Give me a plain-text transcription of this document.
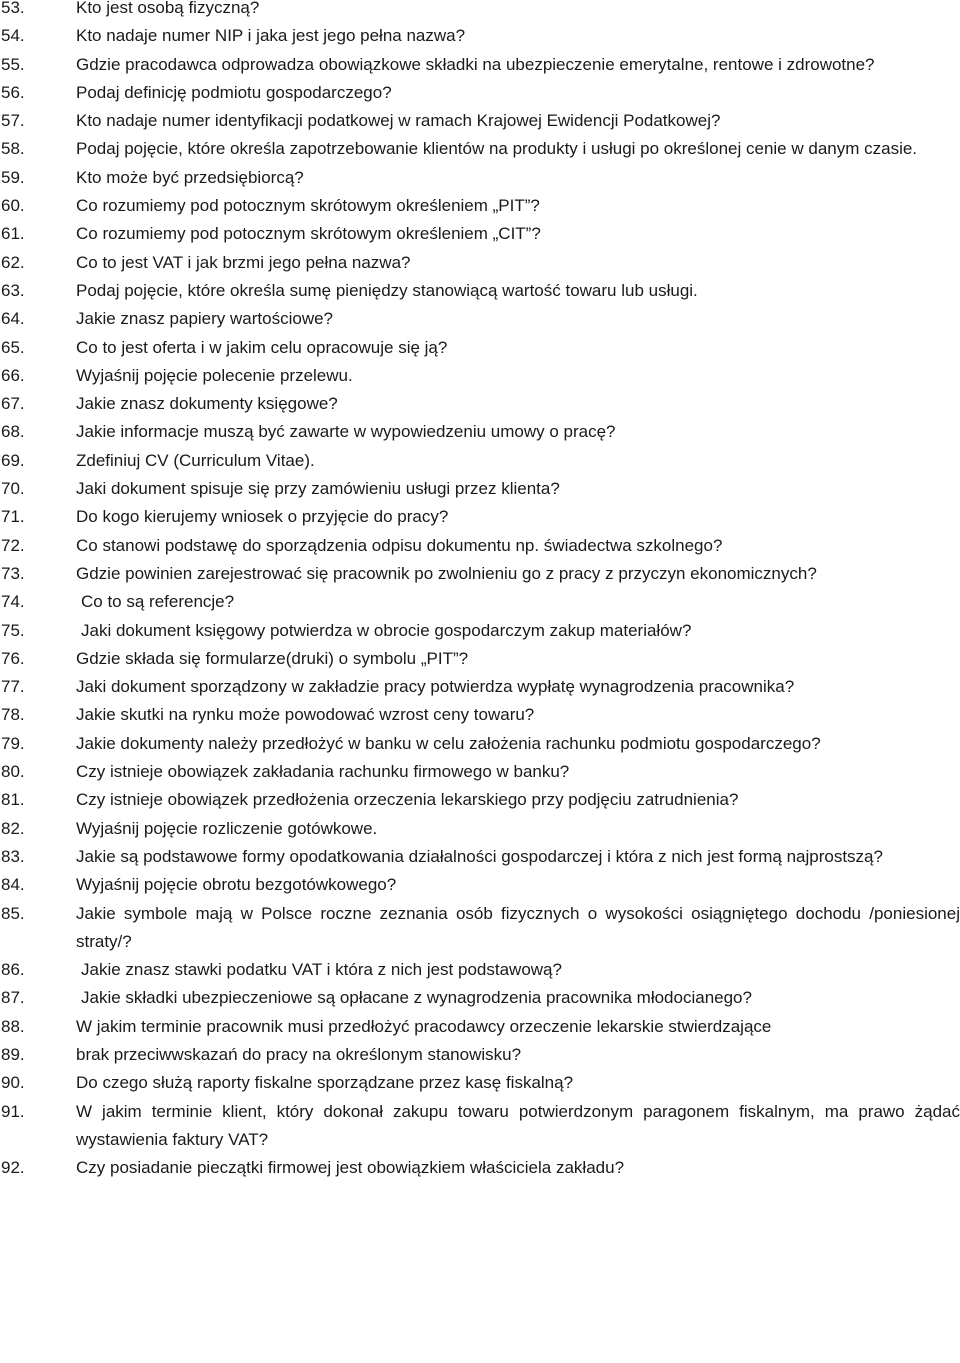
53.	Kto jest osobą fizyczną?
54.	Kto nadaje numer NIP i jaka jest jego pełna nazwa?
55.	Gdzie pracodawca odprowadza obowiązkowe składki na ubezpieczenie emerytalne, rentowe i zdrowotne?
56.	Podaj definicję podmiotu gospodarczego?
57.	Kto nadaje numer identyfikacji podatkowej w ramach Krajowej Ewidencji Podatkowej?
58.	Podaj pojęcie, które określa zapotrzebowanie klientów na produkty i usługi po określonej cenie w danym czasie.
59.	Kto może być przedsiębiorcą?
60.	Co rozumiemy pod potocznym skrótowym określeniem „PIT”?
61.	Co rozumiemy pod potocznym skrótowym określeniem „CIT”?
62.	Co to jest VAT i jak brzmi jego pełna nazwa?
63.	Podaj pojęcie, które określa sumę pieniędzy stanowiącą wartość towaru lub usługi.
64.	Jakie znasz papiery wartościowe?
65.	Co to jest oferta i w jakim celu opracowuje się ją?
66.	Wyjaśnij pojęcie polecenie przelewu.
67.	Jakie znasz dokumenty księgowe?
68.	Jakie informacje muszą być zawarte w wypowiedzeniu umowy o pracę?
69.	Zdefiniuj CV (Curriculum Vitae).
70.	Jaki dokument spisuje się przy zamówieniu usługi przez klienta?
71.	Do kogo kierujemy wniosek o przyjęcie do pracy?
72.	Co stanowi podstawę do sporządzenia odpisu dokumentu np. świadectwa szkolnego?
73.	Gdzie powinien zarejestrować się pracownik po zwolnieniu go z pracy z przyczyn ekonomicznych?
74.	Co to są referencje?
75.	Jaki dokument księgowy potwierdza w obrocie gospodarczym zakup materiałów?
76.	Gdzie składa się formularze(druki) o symbolu „PIT”?
77.	Jaki dokument sporządzony w zakładzie pracy potwierdza wypłatę wynagrodzenia pracownika?
78.	Jakie skutki na rynku może powodować wzrost ceny towaru?
79.	Jakie dokumenty należy przedłożyć w banku w celu założenia rachunku podmiotu gospodarczego?
80.	Czy istnieje obowiązek zakładania rachunku firmowego w banku?
81.	Czy istnieje obowiązek przedłożenia orzeczenia lekarskiego przy podjęciu zatrudnienia?
82.	Wyjaśnij pojęcie rozliczenie gotówkowe.
83.	Jakie są podstawowe formy opodatkowania działalności gospodarczej i która z nich jest formą najprostszą?
84.	Wyjaśnij pojęcie obrotu bezgotówkowego?
85.	Jakie symbole mają w Polsce roczne zeznania osób fizycznych o wysokości osiągniętego dochodu /poniesionej straty/?
86.	Jakie znasz stawki podatku VAT i która z nich jest podstawową?
87.	Jakie składki ubezpieczeniowe są opłacane z wynagrodzenia pracownika młodocianego?
88.	W jakim terminie pracownik musi przedłożyć pracodawcy orzeczenie lekarskie stwierdzające
89.	brak przeciwwskazań do pracy na określonym stanowisku?
90.	Do czego służą raporty fiskalne sporządzane przez kasę fiskalną?
91.	W jakim terminie klient, który dokonał zakupu towaru potwierdzonym paragonem fiskalnym, ma prawo żądać wystawienia faktury VAT?
92.	Czy posiadanie pieczątki firmowej jest obowiązkiem właściciela zakładu?
